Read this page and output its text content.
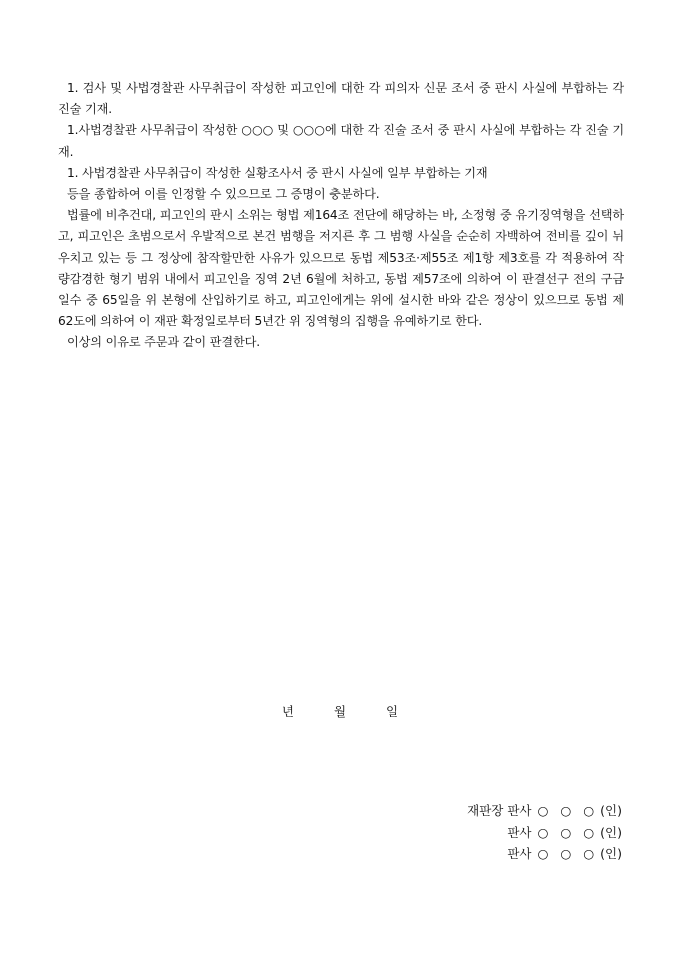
1. 검사 및 사법경찰관 사무취급이 작성한 피고인에 대한 각 피의자 신문 조서 중 판시 사실에 부합하는 각 진술 기재.

1.사법경찰관 사무취급이 작성한 ○○○ 및 ○○○에 대한 각 진술 조서 중 판시 사실에 부합하는 각 진술 기재.

1. 사법경찰관 사무취급이 작성한 실황조사서 중 판시 사실에 일부 부합하는 기재

등을 종합하여 이를 인정할 수 있으므로 그 증명이 충분하다.

법률에 비추건대, 피고인의 판시 소위는 형법 제164조 전단에 해당하는 바, 소정형 중 유기징역형을 선택하고, 피고인은 초범으로서 우발적으로 본건 범행을 저지른 후 그 범행 사실을 순순히 자백하여 전비를 깊이 뉘우치고 있는 등 그 정상에 참작할만한 사유가 있으므로 동법 제53조·제55조 제1항 제3호를 각 적용하여 작량감경한 형기 범위 내에서 피고인을 징역 2년 6월에 처하고, 동법 제57조에 의하여 이 판결선구 전의 구금일수 중 65일을 위 본형에 산입하기로 하고, 피고인에게는 위에 설시한 바와 같은 정상이 있으므로 동법 제62도에 의하여 이 재판 확정일로부터 5년간 위 징역형의 집행을 유예하기로 한다.

이상의 이유로 주문과 같이 판결한다.

년	월	일
재판장 판사 ○ ○ ○ (인)
판사 ○ ○ ○ (인)
판사 ○ ○ ○ (인)
